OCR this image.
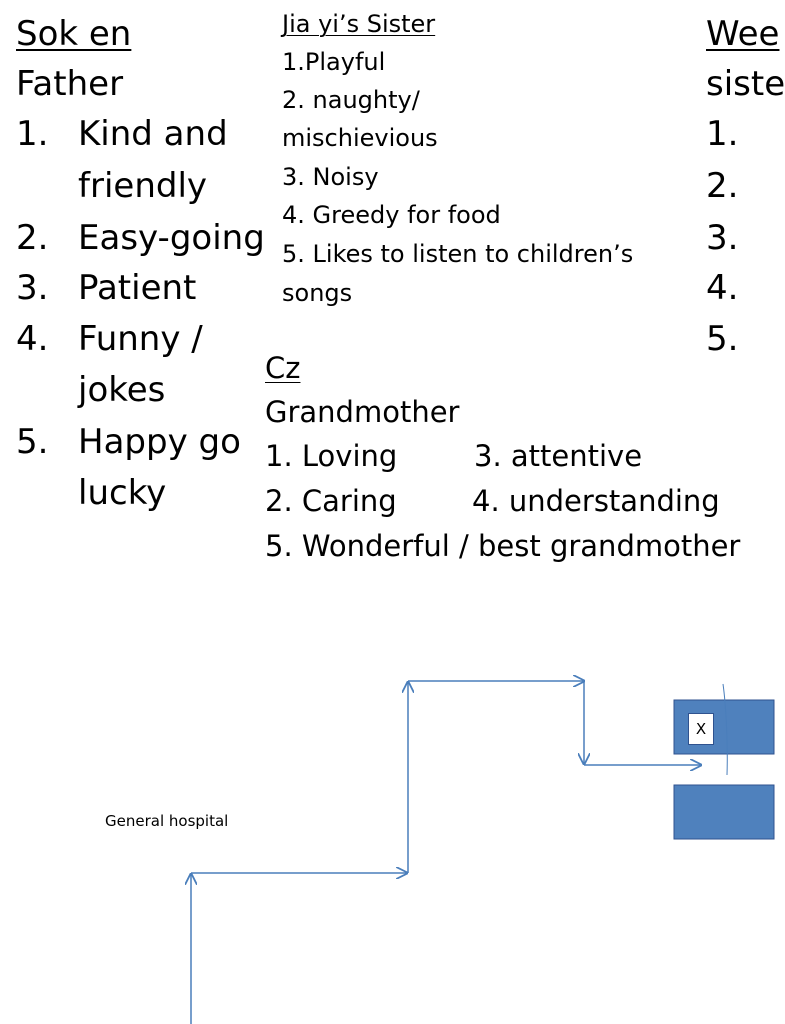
Sok en
Father
1. Kind and
friendly
2. Easy-going
3. Patient
4. Funny /
jokes
5. Happy go
lucky
Jia yi’s Sister
1.Playful
2. naughty/
mischievious
3. Noisy
4. Greedy for food
5. Likes to listen to children’s
songs
Cz
Grandmother
1. Loving	3. attentive
2. Caring	4. understanding
5. Wonderful / best grandmother
Wee
siste
1.
2.
3.
4.
5.
X
General hospital
